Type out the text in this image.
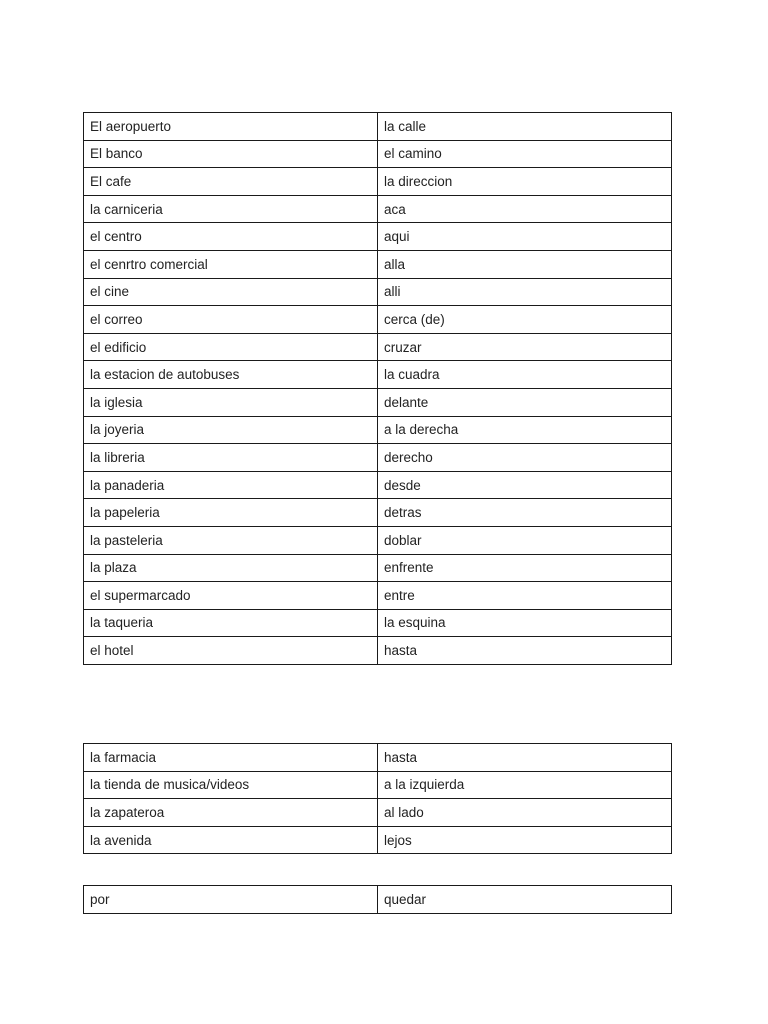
El aeropuerto	la calle
El banco	el camino
El cafe	la direccion
la carniceria	aca
el centro	aqui
el cenrtro comercial	alla
el cine	alli
el correo	cerca (de)
el edificio	cruzar
la estacion de autobuses	la cuadra
la iglesia	delante
la joyeria	a la derecha
la libreria	derecho
la panaderia	desde
la papeleria	detras
la pasteleria	doblar
la plaza	enfrente
el supermarcado	entre
la taqueria	la esquina
el hotel	hasta
la farmacia	hasta
la tienda de musica/videos	a la izquierda
la zapateroa	al lado
la avenida	lejos
por	quedar
